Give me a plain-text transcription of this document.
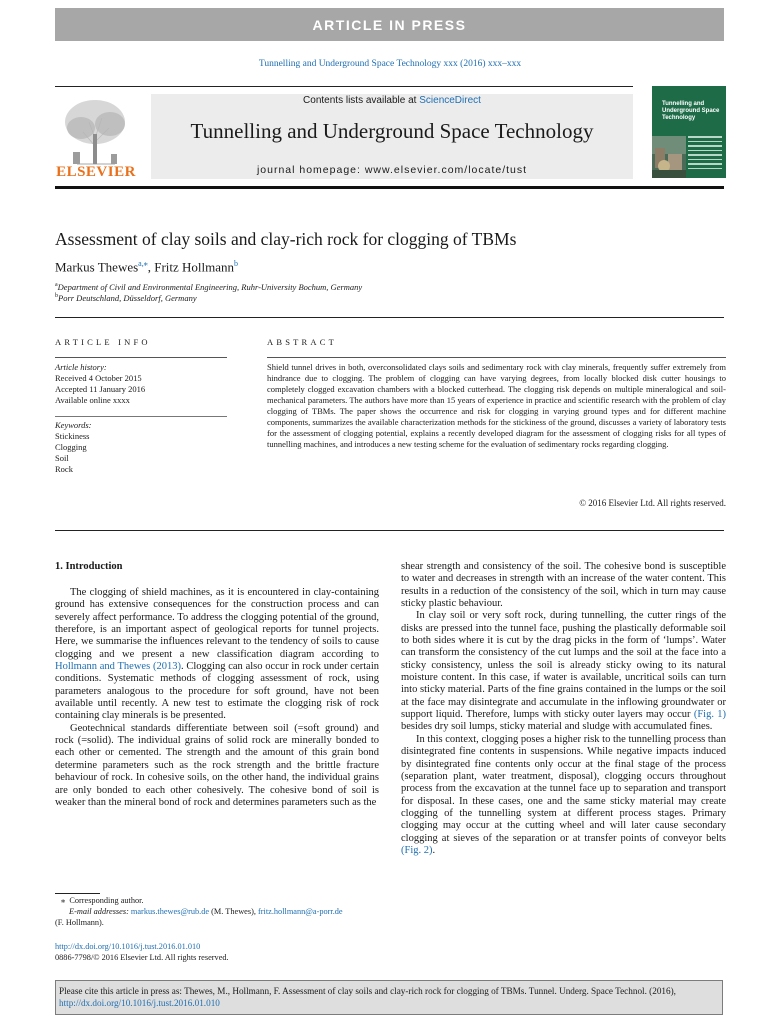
ARTICLE IN PRESS
Tunnelling and Underground Space Technology xxx (2016) xxx–xxx
ELSEVIER
Contents lists available at ScienceDirect
Tunnelling and Underground Space Technology
journal homepage: www.elsevier.com/locate/tust
Tunnelling and Underground Space Technology
Assessment of clay soils and clay-rich rock for clogging of TBMs
Markus Thewes$^{a,⁎}$, Fritz Hollmann$^b$
$^a$Department of Civil and Environmental Engineering, Ruhr-University Bochum, Germany
$^b$Porr Deutschland, Düsseldorf, Germany
ARTICLE INFO
Article history:
Received 4 October 2015
Accepted 11 January 2016
Available online xxxx
Keywords:
Stickiness
Clogging
Soil
Rock
ABSTRACT
Shield tunnel drives in both, overconsolidated clays soils and sedimentary rock with clay minerals, frequently suffer extremely from hindrance due to clogging. The problem of clogging can have varying degrees, from locally blocked disk cutter housings to completely clogged excavation chambers with a blocked cutterhead. The clogging risk depends on multiple mineralogical and soil-mechanical parameters. The authors have more than 15 years of experience in practice and scientific research with the problem of clay clogging of TBMs. The paper shows the occurrence and risk for clogging in varying ground types and for different machine components, summarizes the available characterization methods for the stickiness of the ground, discusses a variety of laboratory tests for the assessment of clogging potential, explains a recently developed diagram for the assessment of clogging risks for all types of tunnelling machines, and introduces a new testing scheme for the evaluation of sedimentary rocks regarding clogging.
© 2016 Elsevier Ltd. All rights reserved.
1. Introduction

The clogging of shield machines, as it is encountered in clay-containing ground has extensive consequences for the construction process and can severely affect performance. To address the clogging potential of the ground, therefore, is an important aspect of geological reports for tunnel projects. Here, we summarise the influences relevant to the tendency of soils to cause clogging and we present a new classification diagram according to Hollmann and Thewes (2013). Clogging can also occur in rock under certain conditions. Systematic methods of clogging assessment of rock, using parameters analogous to the procedure for soft ground, have not been available until recently. A new test to estimate the clogging risk of rock containing clay minerals is be presented.

Geotechnical standards differentiate between soil (=soft ground) and rock (=solid). The individual grains of solid rock are minerally bonded to each other or cemented. The strength and the amount of this grain bond determine parameters such as the rock strength and the brittle fracture behaviour of rock. In cohesive soils, on the other hand, the individual grains are only bonded to each other cohesively. The cohesive bond of soil is weaker than the mineral bond of rock and determines parameters such as the

shear strength and consistency of the soil. The cohesive bond is susceptible to water and decreases in strength with an increase of the water content. This results in a reduction of the consistency of the soil, which in turn may cause sticky plastic behaviour.

In clay soil or very soft rock, during tunnelling, the cutter rings of the disks are pressed into the tunnel face, pushing the plastically deformable soil to both sides where it is cut by the drag picks in the form of ‘lumps’. Water can transform the consistency of the cut lumps and the soil at the face into a sticky consistency, unless the soil is already sticky owing to its natural moisture content. In this case, if water is available, uncritical soils can turn into sticky material. Parts of the fine grains contained in the lumps or the soil at the face may disintegrate and accumulate in the inflowing groundwater or support liquid. Therefore, lumps with sticky outer layers may occur (Fig. 1) besides dry soil lumps, sticky material and sludge with accumulated fines.

In this context, clogging poses a higher risk to the tunnelling process than disintegrated fine contents in suspensions. While negative impacts induced by disintegrated fine contents only occur at the final stage of the process (separation plant, water treatment, disposal), clogging occurs throughout process from the excavation at the tunnel face up to separation and transport for disposal. In these cases, one and the same sticky material may create clogging of the tunnelling system at different process stages. Primary clogging may occur at the cutting wheel and will later cause secondary clogging at sieves of the separation or at transfer points of conveyor belts (Fig. 2).

⁎ Corresponding author.
E-mail addresses: markus.thewes@rub.de (M. Thewes), fritz.hollmann@a-porr.de
(F. Hollmann).
http://dx.doi.org/10.1016/j.tust.2016.01.010
0886-7798/© 2016 Elsevier Ltd. All rights reserved.
Please cite this article in press as: Thewes, M., Hollmann, F. Assessment of clay soils and clay-rich rock for clogging of TBMs. Tunnel. Underg. Space Technol. (2016), http://dx.doi.org/10.1016/j.tust.2016.01.010
